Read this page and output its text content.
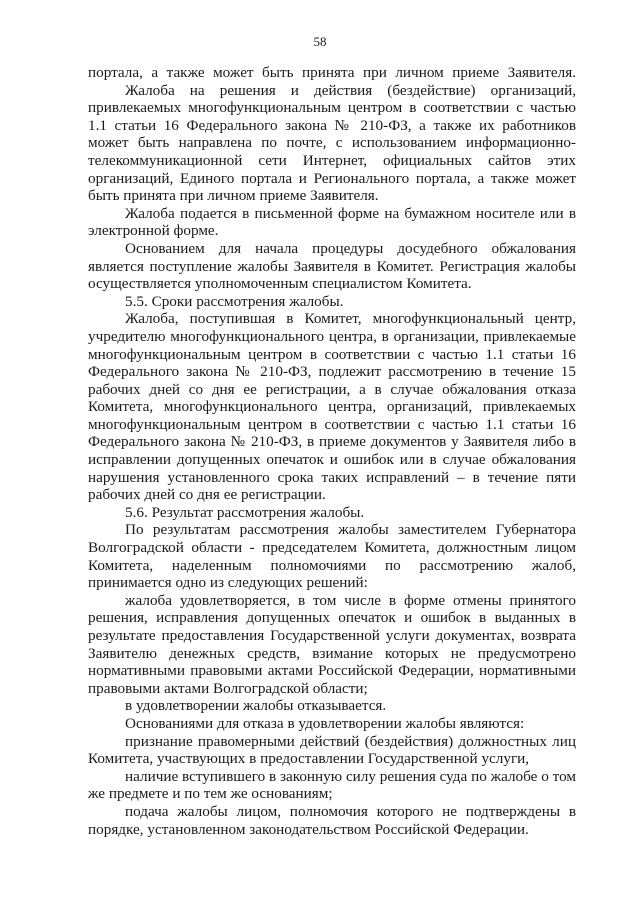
58

портала, а также может быть принята при личном приеме Заявителя.

Жалоба на решения и действия (бездействие) организаций, привлекаемых многофункциональным центром в соответствии с частью 1.1 статьи 16 Федерального закона № 210-ФЗ, а также их работников может быть направлена по почте, с использованием информационно-телекоммуникационной сети Интернет, официальных сайтов этих организаций, Единого портала и Регионального портала, а также может быть принята при личном приеме Заявителя.

Жалоба подается в письменной форме на бумажном носителе или в электронной форме.

Основанием для начала процедуры досудебного обжалования является поступление жалобы Заявителя в Комитет. Регистрация жалобы осуществляется уполномоченным специалистом Комитета.

5.5. Сроки рассмотрения жалобы.

Жалоба, поступившая в Комитет, многофункциональный центр, учредителю многофункционального центра, в организации, привлекаемые многофункциональным центром в соответствии с частью 1.1 статьи 16 Федерального закона № 210-ФЗ, подлежит рассмотрению в течение 15 рабочих дней со дня ее регистрации, а в случае обжалования отказа Комитета, многофункционального центра, организаций, привлекаемых многофункциональным центром в соответствии с частью 1.1 статьи 16 Федерального закона № 210-ФЗ, в приеме документов у Заявителя либо в исправлении допущенных опечаток и ошибок или в случае обжалования нарушения установленного срока таких исправлений – в течение пяти рабочих дней со дня ее регистрации.

5.6. Результат рассмотрения жалобы.

По результатам рассмотрения жалобы заместителем Губернатора Волгоградской области - председателем Комитета, должностным лицом Комитета, наделенным полномочиями по рассмотрению жалоб, принимается одно из следующих решений:

жалоба удовлетворяется, в том числе в форме отмены принятого решения, исправления допущенных опечаток и ошибок в выданных в результате предоставления Государственной услуги документах, возврата Заявителю денежных средств, взимание которых не предусмотрено нормативными правовыми актами Российской Федерации, нормативными правовыми актами Волгоградской области;

в удовлетворении жалобы отказывается.

Основаниями для отказа в удовлетворении жалобы являются:

признание правомерными действий (бездействия) должностных лиц Комитета, участвующих в предоставлении Государственной услуги,

наличие вступившего в законную силу решения суда по жалобе о том же предмете и по тем же основаниям;

подача жалобы лицом, полномочия которого не подтверждены в порядке, установленном законодательством Российской Федерации.
